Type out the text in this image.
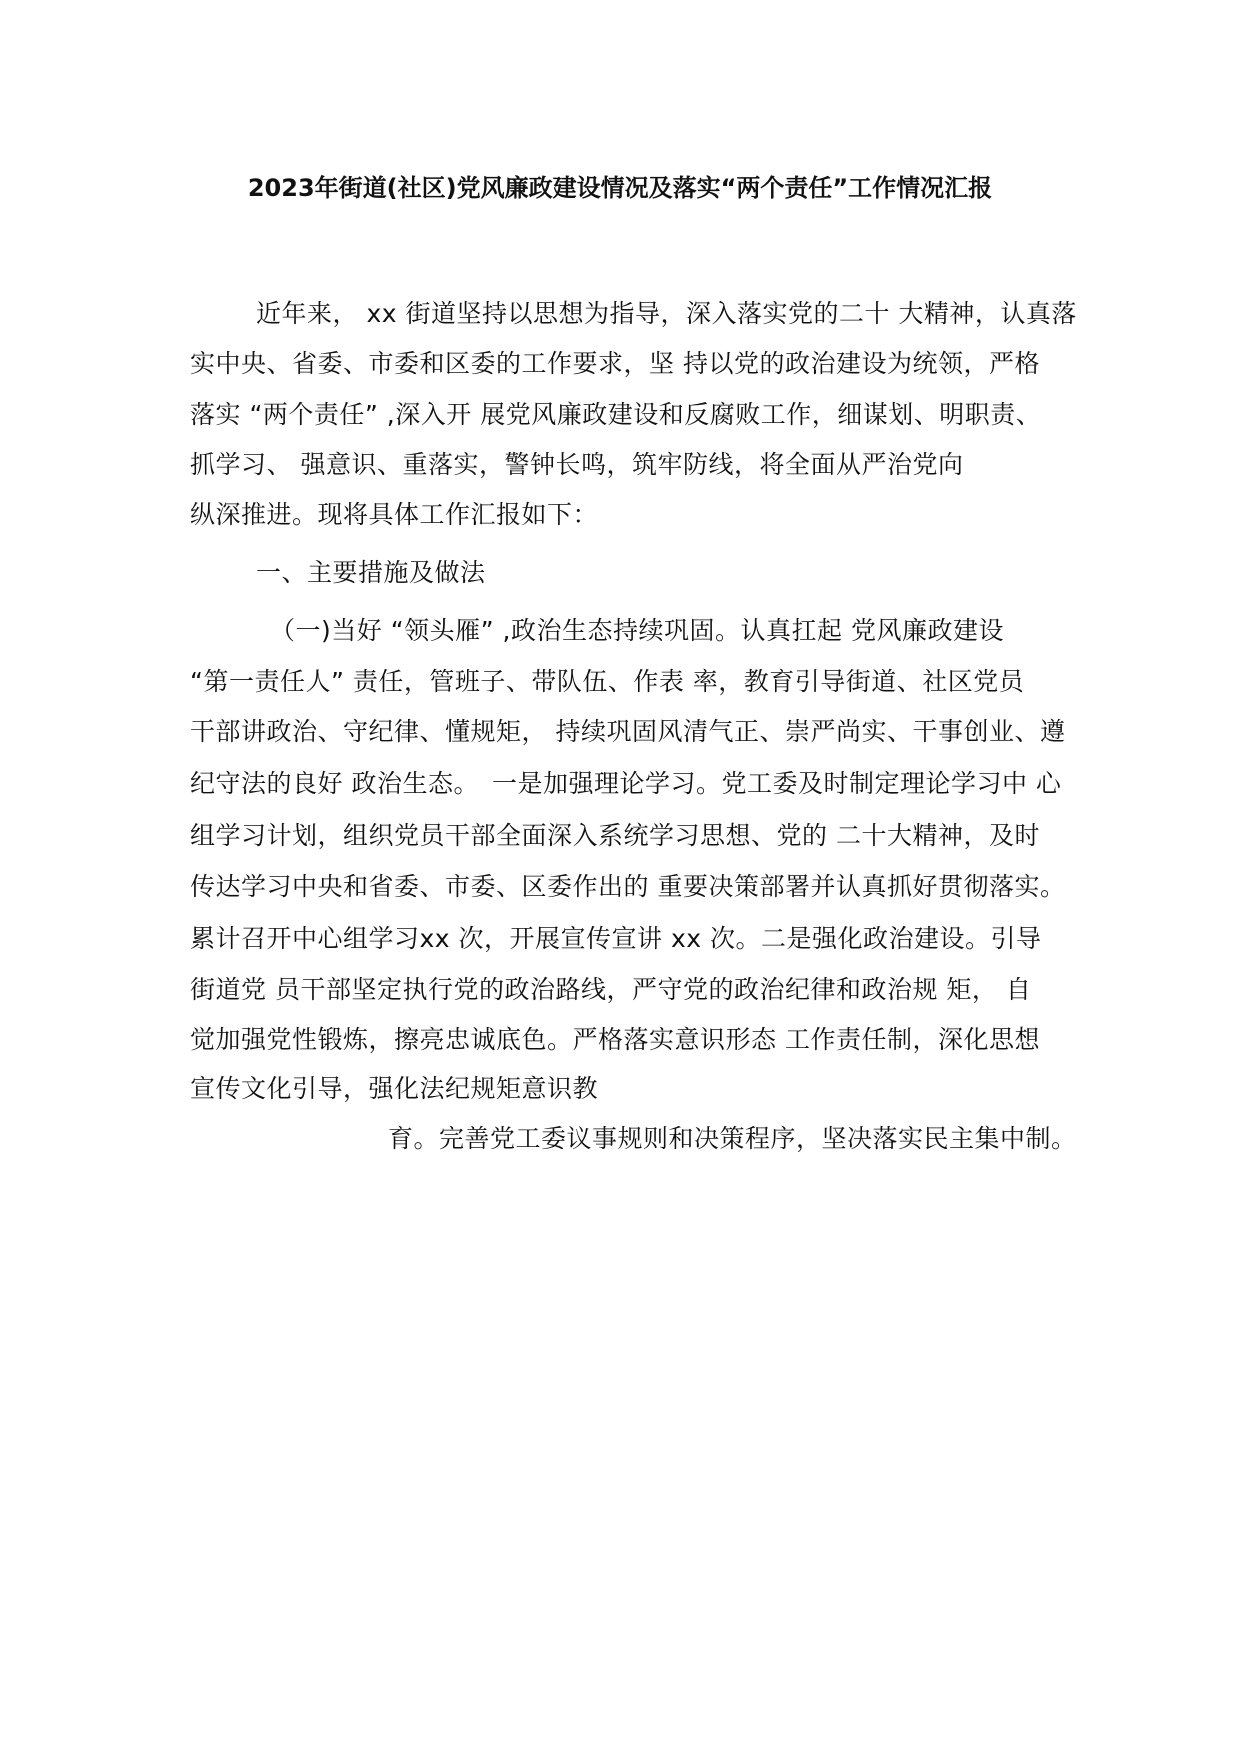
2023年街道(社区)党风廉政建设情况及落实“两个责任”工作情况汇报
近年来， xx 街道坚持以思想为指导，深入落实党的二十 大精神，认真落
实中央、省委、市委和区委的工作要求，坚 持以党的政治建设为统领，严格
落实 “两个责任” ,深入开 展党风廉政建设和反腐败工作，细谋划、明职责、
抓学习、 强意识、重落实，警钟长鸣，筑牢防线，将全面从严治党向
纵深推进。现将具体工作汇报如下：
一、主要措施及做法
（一)当好 “领头雁” ,政治生态持续巩固。认真扛起 党风廉政建设
“第一责任人” 责任，管班子、带队伍、作表 率，教育引导街道、社区党员
干部讲政治、守纪律、懂规矩， 持续巩固风清气正、崇严尚实、干事创业、遵
纪守法的良好 政治生态。　一是加强理论学习。党工委及时制定理论学习中 心
组学习计划，组织党员干部全面深入系统学习思想、党的 二十大精神，及时
传达学习中央和省委、市委、区委作出的 重要决策部署并认真抓好贯彻落实。
累计召开中心组学习xx 次，开展宣传宣讲 xx 次。二是强化政治建设。引导
街道党 员干部坚定执行党的政治路线，严守党的政治纪律和政治规 矩， 自
觉加强党性锻炼，擦亮忠诚底色。严格落实意识形态 工作责任制，深化思想
宣传文化引导，强化法纪规矩意识教
育。完善党工委议事规则和决策程序，坚决落实民主集中制。
